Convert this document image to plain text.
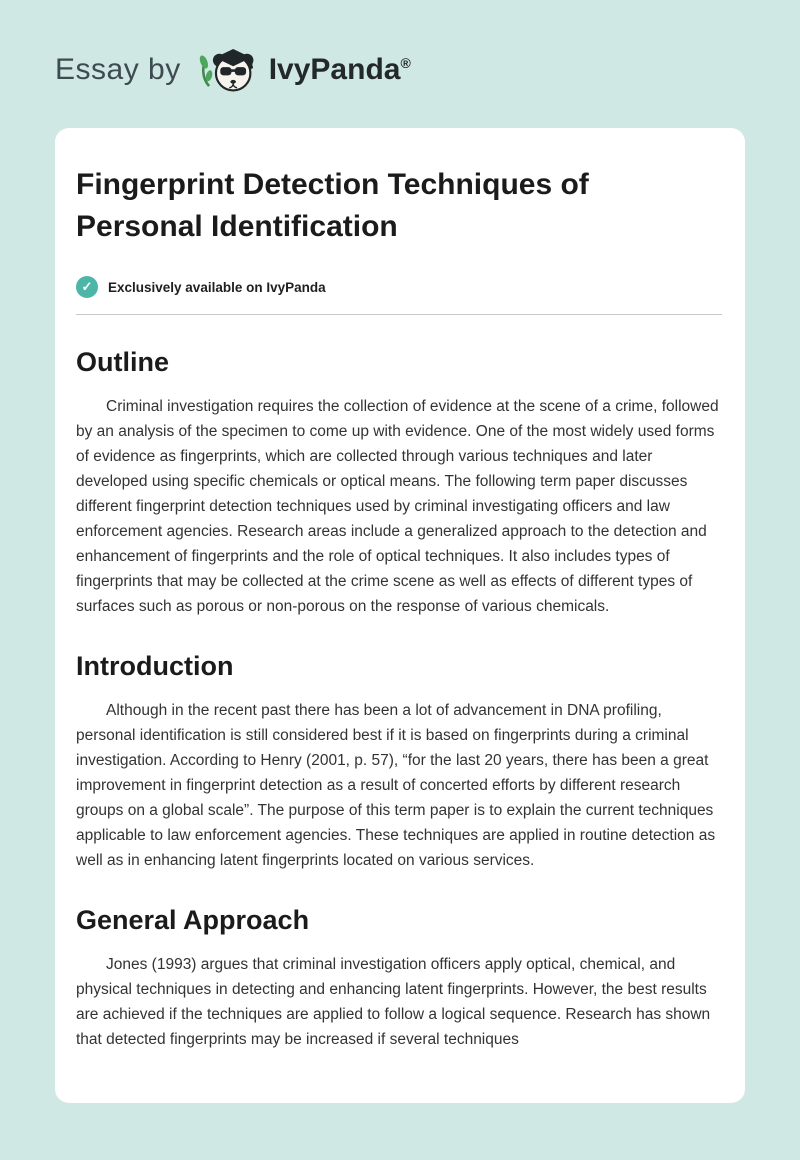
Essay by	IvyPanda®
Fingerprint Detection Techniques of Personal Identification
✓	Exclusively available on IvyPanda
Outline

Criminal investigation requires the collection of evidence at the scene of a crime, followed by an analysis of the specimen to come up with evidence. One of the most widely used forms of evidence as fingerprints, which are collected through various techniques and later developed using specific chemicals or optical means. The following term paper discusses different fingerprint detection techniques used by criminal investigating officers and law enforcement agencies. Research areas include a generalized approach to the detection and enhancement of fingerprints and the role of optical techniques. It also includes types of fingerprints that may be collected at the crime scene as well as effects of different types of surfaces such as porous or non-porous on the response of various chemicals.

Introduction

Although in the recent past there has been a lot of advancement in DNA profiling, personal identification is still considered best if it is based on fingerprints during a criminal investigation. According to Henry (2001, p. 57), “for the last 20 years, there has been a great improvement in fingerprint detection as a result of concerted efforts by different research groups on a global scale”. The purpose of this term paper is to explain the current techniques applicable to law enforcement agencies. These techniques are applied in routine detection as well as in enhancing latent fingerprints located on various services.

General Approach

Jones (1993) argues that criminal investigation officers apply optical, chemical, and physical techniques in detecting and enhancing latent fingerprints. However, the best results are achieved if the techniques are applied to follow a logical sequence. Research has shown that detected fingerprints may be increased if several techniques
